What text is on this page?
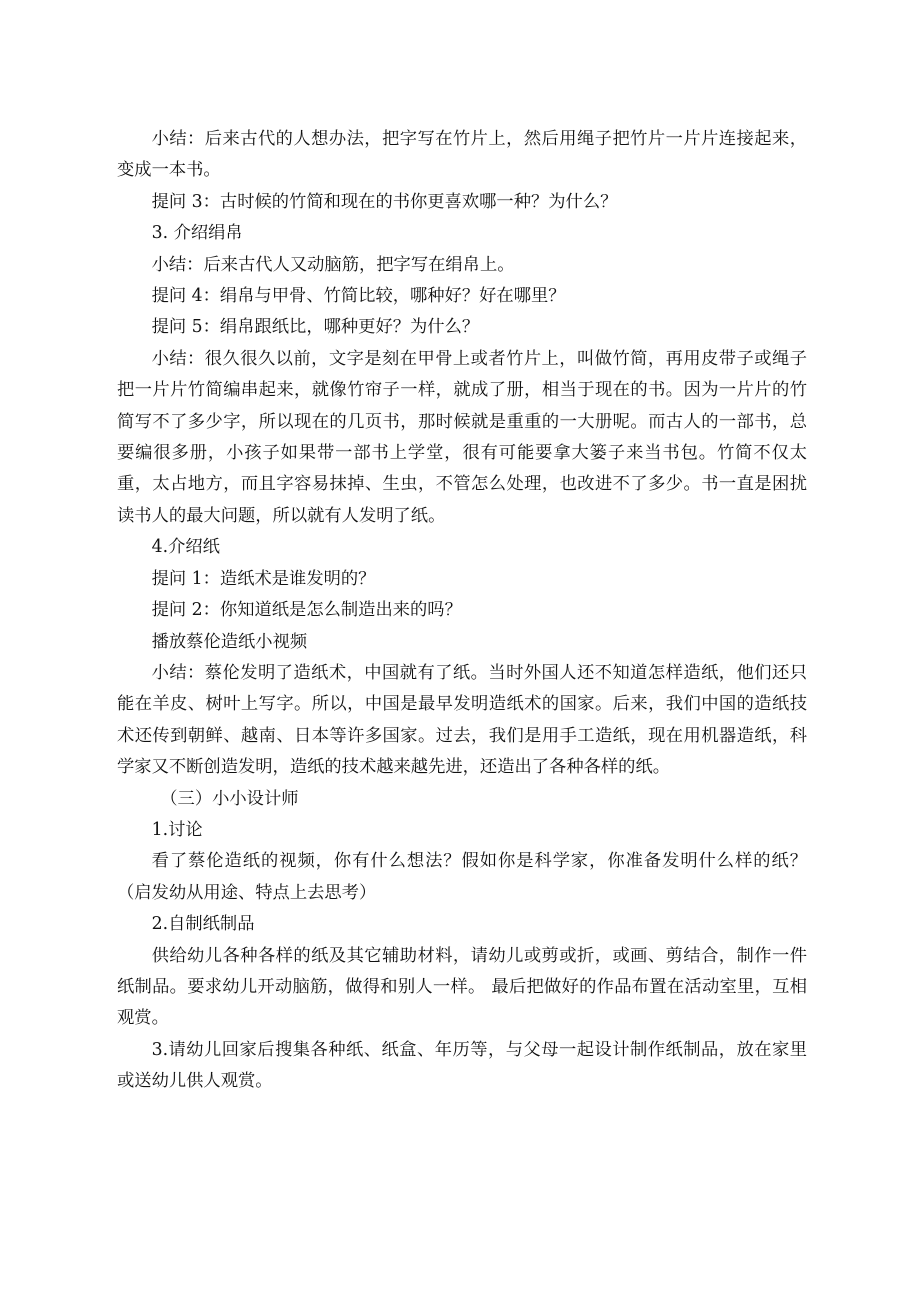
小结：后来古代的人想办法，把字写在竹片上，然后用绳子把竹片一片片连接起来，变成一本书。

提问 3：古时候的竹简和现在的书你更喜欢哪一种？为什么？

3. 介绍绢帛

小结：后来古代人又动脑筋，把字写在绢帛上。

提问 4：绢帛与甲骨、竹简比较，哪种好？好在哪里？

提问 5：绢帛跟纸比，哪种更好？为什么？

小结：很久很久以前，文字是刻在甲骨上或者竹片上，叫做竹简，再用皮带子或绳子把一片片竹简编串起来，就像竹帘子一样，就成了册，相当于现在的书。因为一片片的竹简写不了多少字，所以现在的几页书，那时候就是重重的一大册呢。而古人的一部书，总要编很多册，小孩子如果带一部书上学堂，很有可能要拿大篓子来当书包。竹简不仅太重，太占地方，而且字容易抹掉、生虫，不管怎么处理，也改进不了多少。书一直是困扰读书人的最大问题，所以就有人发明了纸。

4.介绍纸

提问 1：造纸术是谁发明的？

提问 2：你知道纸是怎么制造出来的吗？

播放蔡伦造纸小视频

小结：蔡伦发明了造纸术，中国就有了纸。当时外国人还不知道怎样造纸，他们还只能在羊皮、树叶上写字。所以，中国是最早发明造纸术的国家。后来，我们中国的造纸技术还传到朝鲜、越南、日本等许多国家。过去，我们是用手工造纸，现在用机器造纸，科学家又不断创造发明，造纸的技术越来越先进，还造出了各种各样的纸。

（三）小小设计师

1.讨论

看了蔡伦造纸的视频，你有什么想法？假如你是科学家，你准备发明什么样的纸？（启发幼从用途、特点上去思考）

2.自制纸制品

供给幼儿各种各样的纸及其它辅助材料，请幼儿或剪或折，或画、剪结合，制作一件纸制品。要求幼儿开动脑筋，做得和别人一样。 最后把做好的作品布置在活动室里，互相观赏。

3.请幼儿回家后搜集各种纸、纸盒、年历等，与父母一起设计制作纸制品，放在家里或送幼儿供人观赏。
